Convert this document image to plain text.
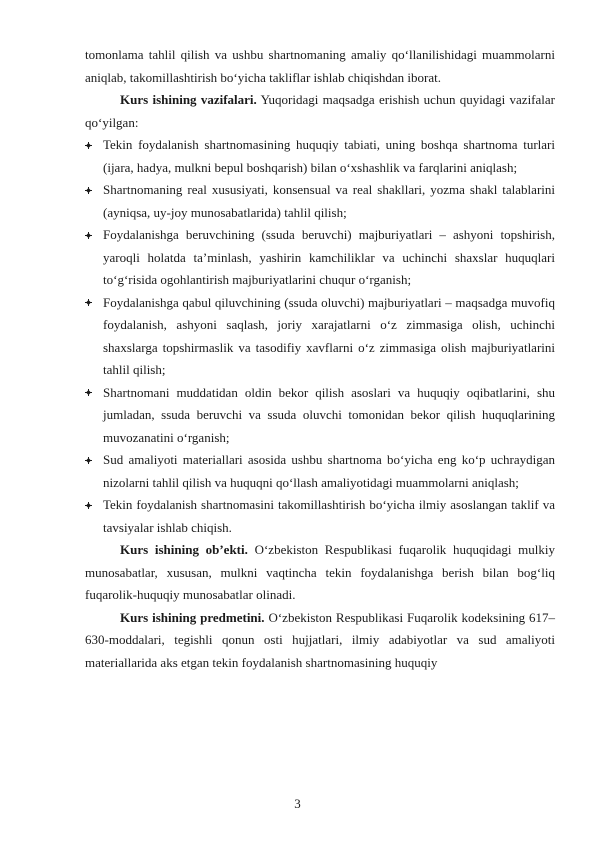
tomonlama tahlil qilish va ushbu shartnomaning amaliy qo‘llanilishidagi muammolarni aniqlab, takomillashtirish bo‘yicha takliflar ishlab chiqishdan iborat.

Kurs ishining vazifalari. Yuqoridagi maqsadga erishish uchun quyidagi vazifalar qo‘yilgan:

Tekin foydalanish shartnomasining huquqiy tabiati, uning boshqa shartnoma turlari (ijara, hadya, mulkni bepul boshqarish) bilan o‘xshashlik va farqlarini aniqlash;
Shartnomaning real xususiyati, konsensual va real shakllari, yozma shakl talablarini (ayniqsa, uy-joy munosabatlarida) tahlil qilish;
Foydalanishga beruvchining (ssuda beruvchi) majburiyatlari – ashyoni topshirish, yaroqli holatda ta’minlash, yashirin kamchiliklar va uchinchi shaxslar huquqlari to‘g‘risida ogohlantirish majburiyatlarini chuqur o‘rganish;
Foydalanishga qabul qiluvchining (ssuda oluvchi) majburiyatlari – maqsadga muvofiq foydalanish, ashyoni saqlash, joriy xarajatlarni o‘z zimmasiga olish, uchinchi shaxslarga topshirmaslik va tasodifiy xavflarni o‘z zimmasiga olish majburiyatlarini tahlil qilish;
Shartnomani muddatidan oldin bekor qilish asoslari va huquqiy oqibatlarini, shu jumladan, ssuda beruvchi va ssuda oluvchi tomonidan bekor qilish huquqlarining muvozanatini o‘rganish;
Sud amaliyoti materiallari asosida ushbu shartnoma bo‘yicha eng ko‘p uchraydigan nizolarni tahlil qilish va huquqni qo‘llash amaliyotidagi muammolarni aniqlash;
Tekin foydalanish shartnomasini takomillashtirish bo‘yicha ilmiy asoslangan taklif va tavsiyalar ishlab chiqish.

Kurs ishining ob’ekti. O‘zbekiston Respublikasi fuqarolik huquqidagi mulkiy munosabatlar, xususan, mulkni vaqtincha tekin foydalanishga berish bilan bog‘liq fuqarolik-huquqiy munosabatlar olinadi.

Kurs ishining predmetini. O‘zbekiston Respublikasi Fuqarolik kodeksining 617–630-moddalari, tegishli qonun osti hujjatlari, ilmiy adabiyotlar va sud amaliyoti materiallarida aks etgan tekin foydalanish shartnomasining huquqiy

3
